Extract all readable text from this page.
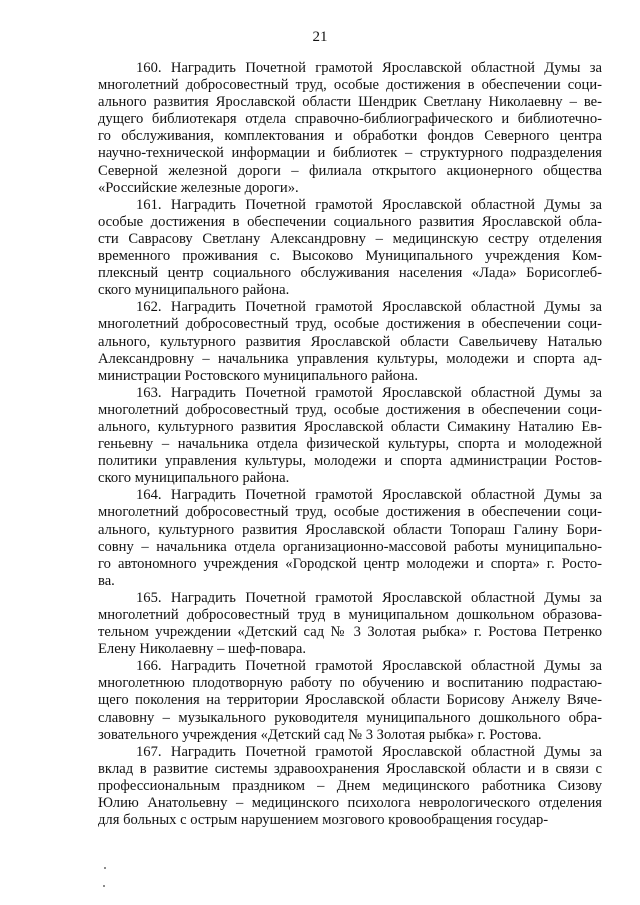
21
160. Наградить Почетной грамотой Ярославской областной Думы за
многолетний добросовестный труд, особые достижения в обеспечении соци-
ального развития Ярославской области Шендрик Светлану Николаевну – ве-
дущего библиотекаря отдела справочно-библиографического и библиотечно-
го обслуживания, комплектования и обработки фондов Северного центра
научно-технической информации и библиотек – структурного подразделения
Северной железной дороги – филиала открытого акционерного общества
«Российские железные дороги».
161. Наградить Почетной грамотой Ярославской областной Думы за
особые достижения в обеспечении социального развития Ярославской обла-
сти Саврасову Светлану Александровну – медицинскую сестру отделения
временного проживания с. Высоково Муниципального учреждения Ком-
плексный центр социального обслуживания населения «Лада» Борисоглеб-
ского муниципального района.
162. Наградить Почетной грамотой Ярославской областной Думы за
многолетний добросовестный труд, особые достижения в обеспечении соци-
ального, культурного развития Ярославской области Савельичеву Наталью
Александровну – начальника управления культуры, молодежи и спорта ад-
министрации Ростовского муниципального района.
163. Наградить Почетной грамотой Ярославской областной Думы за
многолетний добросовестный труд, особые достижения в обеспечении соци-
ального, культурного развития Ярославской области Симакину Наталию Ев-
геньевну – начальника отдела физической культуры, спорта и молодежной
политики управления культуры, молодежи и спорта администрации Ростов-
ского муниципального района.
164. Наградить Почетной грамотой Ярославской областной Думы за
многолетний добросовестный труд, особые достижения в обеспечении соци-
ального, культурного развития Ярославской области Топораш Галину Бори-
совну – начальника отдела организационно-массовой работы муниципально-
го автономного учреждения «Городской центр молодежи и спорта» г. Росто-
ва.
165. Наградить Почетной грамотой Ярославской областной Думы за
многолетний добросовестный труд в муниципальном дошкольном образова-
тельном учреждении «Детский сад № 3 Золотая рыбка» г. Ростова Петренко
Елену Николаевну – шеф-повара.
166. Наградить Почетной грамотой Ярославской областной Думы за
многолетнюю плодотворную работу по обучению и воспитанию подрастаю-
щего поколения на территории Ярославской области Борисову Анжелу Вяче-
славовну – музыкального руководителя муниципального дошкольного обра-
зовательного учреждения «Детский сад № 3 Золотая рыбка» г. Ростова.
167. Наградить Почетной грамотой Ярославской областной Думы за
вклад в развитие системы здравоохранения Ярославской области и в связи с
профессиональным праздником – Днем медицинского работника Сизову
Юлию Анатольевну – медицинского психолога неврологического отделения
для больных с острым нарушением мозгового кровообращения государ-
